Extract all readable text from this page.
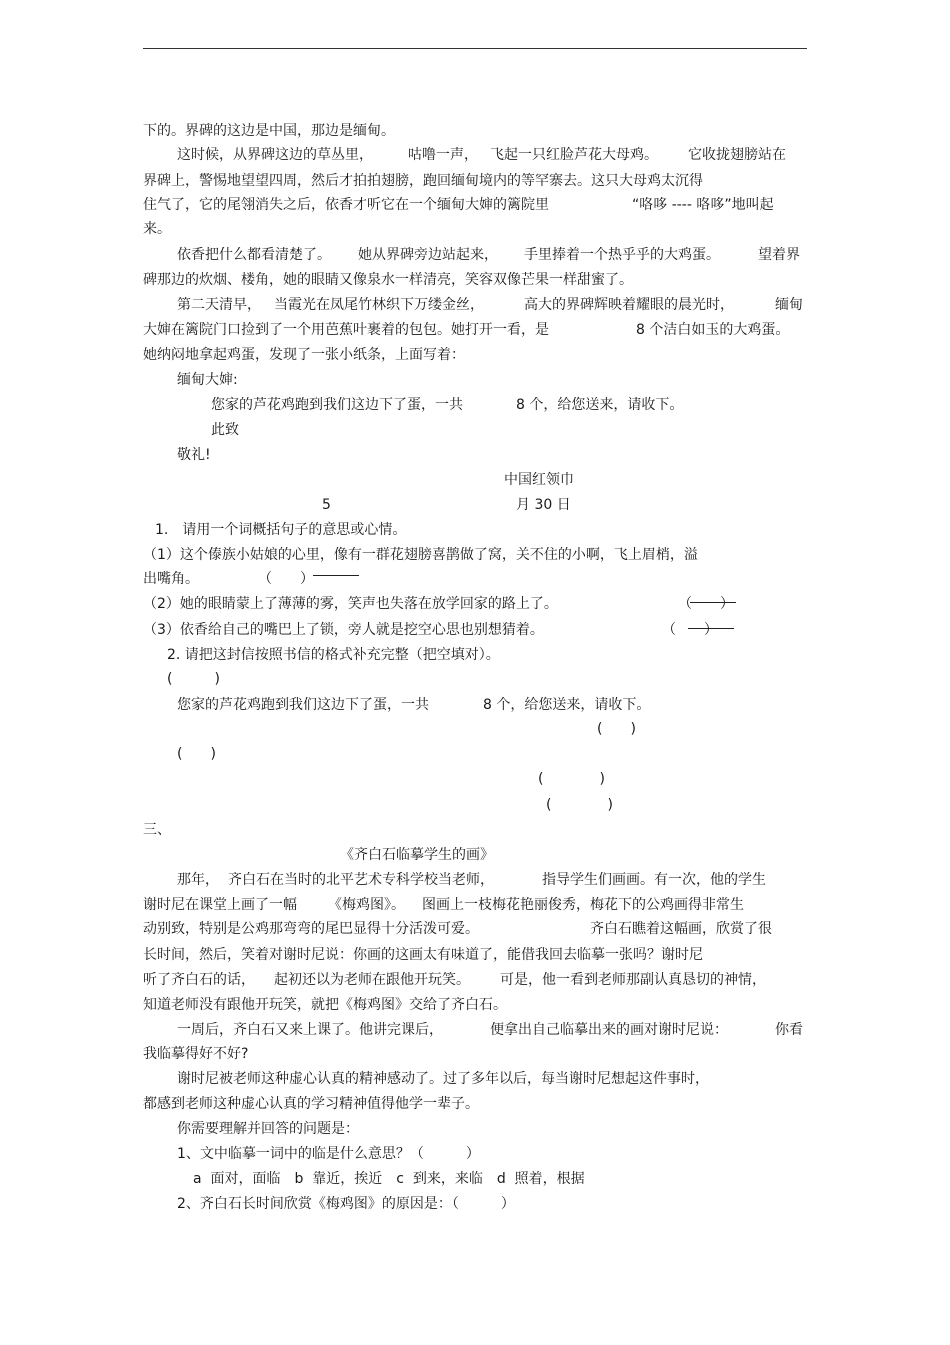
下的。界碑的这边是中国，那边是缅甸。
这时候，从界碑这边的草丛里，	咕噜一声， 飞起一只红脸芦花大母鸡。 它收拢翅膀站在
界碑上，警惕地望望四周，然后才拍拍翅膀，跑回缅甸境内的等罕寨去。这只大母鸡太沉得
住气了，它的尾翎消失之后，依香才听它在一个缅甸大婶的篱院里	“咯哆 ---- 咯哆”地叫起
来。
依香把什么都看清楚了。 她从界碑旁边站起来， 手里捧着一个热乎乎的大鸡蛋。	望着界
碑那边的炊烟、楼角，她的眼睛又像泉水一样清亮，笑容双像芒果一样甜蜜了。
第二天清早， 当霞光在凤尾竹林织下万缕金丝，	高大的界碑辉映着耀眼的晨光时，	缅甸
大婶在篱院门口捡到了一个用芭蕉叶裹着的包包。她打开一看，是	8 个洁白如玉的大鸡蛋。
她纳闷地拿起鸡蛋，发现了一张小纸条，上面写着：
缅甸大婶:
您家的芦花鸡跑到我们这边下了蛋，一共	8 个，给您送来，请收下。
此致
敬礼!
中国红领巾
5	月 30 日
1.　请用一个词概括句子的意思或心情。
（1）这个傣族小姑娘的心里，像有一群花翅膀喜鹊做了窝，关不住的小啊，飞上眉梢，溢
出嘴角。	（　　）
（2）她的眼睛蒙上了薄薄的雾，笑声也失落在放学回家的路上了。	（　　）
（3）依香给自己的嘴巴上了锁，旁人就是挖空心思也别想猜着。	（　　）
2. 请把这封信按照书信的格式补充完整（把空填对）。
(　　　)
您家的芦花鸡跑到我们这边下了蛋，一共	8 个，给您送来，请收下。
(　　)
(　　)
(　　　　)
(　　　　)
三、
《齐白石临摹学生的画》
那年， 齐白石在当时的北平艺术专科学校当老师，	指导学生们画画。有一次，他的学生
谢时尼在课堂上画了一幅 《梅鸡图》。 图画上一枝梅花艳丽俊秀，梅花下的公鸡画得非常生
动别致，特别是公鸡那弯弯的尾巴显得十分活泼可爱。	齐白石瞧着这幅画，欣赏了很
长时间，然后，笑着对谢时尼说：你画的这画太有味道了，能借我回去临摹一张吗？谢时尼
听了齐白石的话， 起初还以为老师在跟他开玩笑。 可是，他一看到老师那副认真恳切的神情，
知道老师没有跟他开玩笑，就把《梅鸡图》交给了齐白石。
一周后，齐白石又来上课了。他讲完课后，	便拿出自己临摹出来的画对谢时尼说：	你看
我临摹得好不好?
谢时尼被老师这种虚心认真的精神感动了。过了多年以后，每当谢时尼想起这件事时，
都感到老师这种虚心认真的学习精神值得他学一辈子。
你需要理解并回答的问题是：
1、文中临摹一词中的临是什么意思？（　　　）
a  面对，面临　b  靠近，挨近　c  到来，来临　d  照着，根据
2、齐白石长时间欣赏《梅鸡图》的原因是：（　　　）
